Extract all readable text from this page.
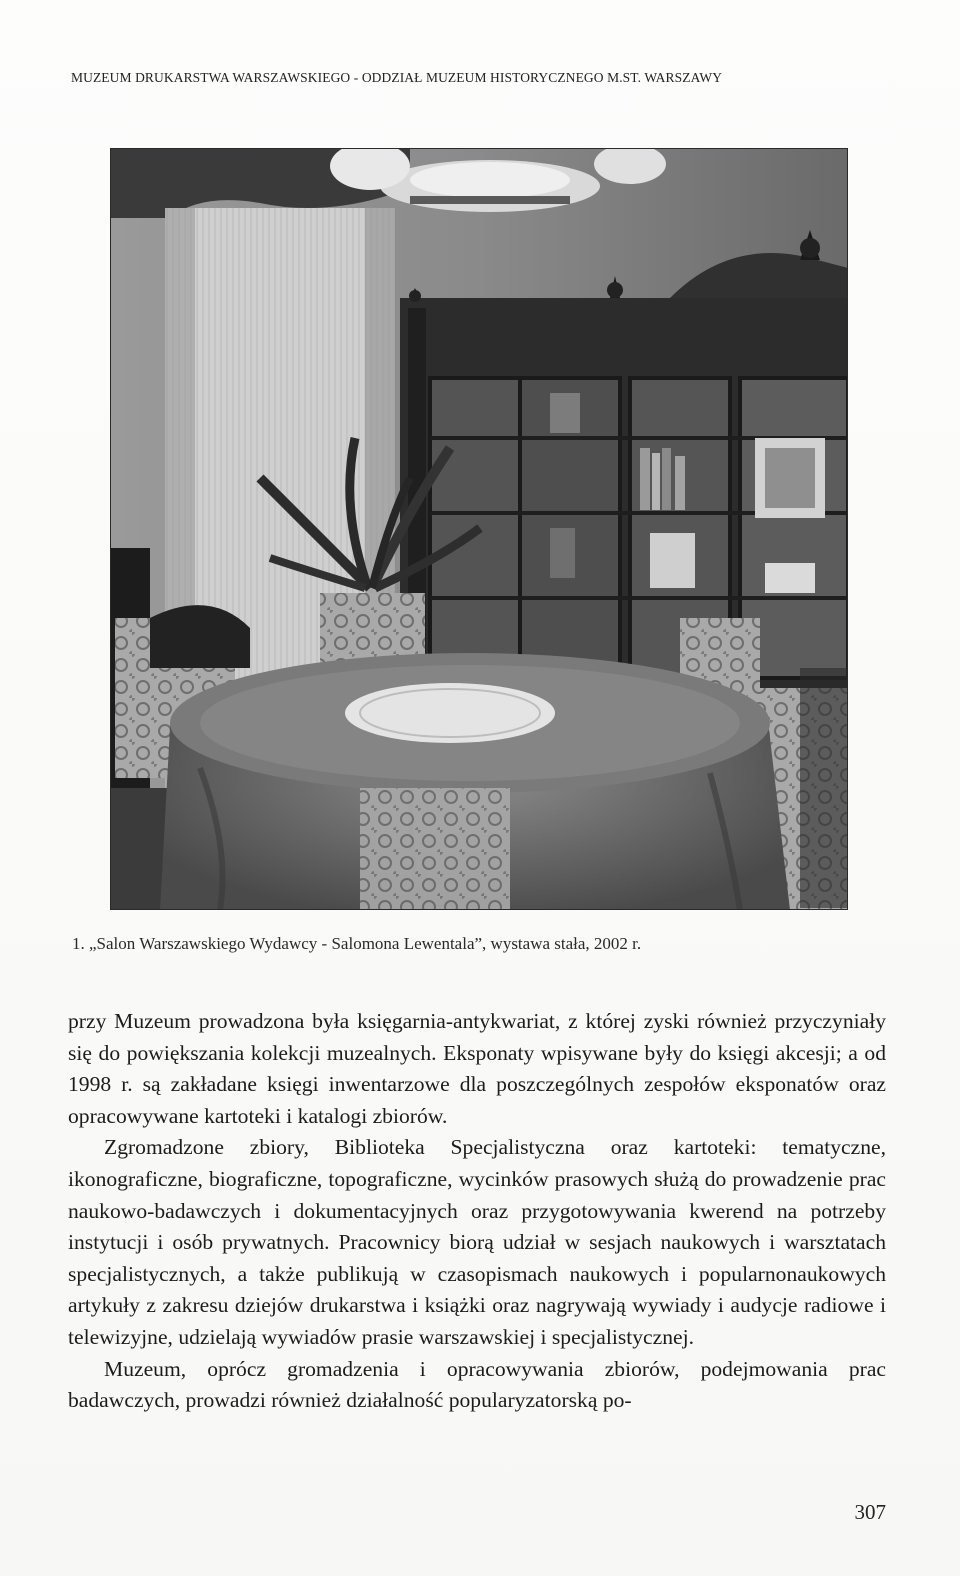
MUZEUM DRUKARSTWA WARSZAWSKIEGO - ODDZIAŁ MUZEUM HISTORYCZNEGO M.ST. WARSZAWY
1. „Salon Warszawskiego Wydawcy - Salomona Lewentala”, wystawa stała, 2002 r.

przy Muzeum prowadzona była księgarnia-antykwariat, z której zyski również przyczyniały się do powiększania kolekcji muzealnych. Eksponaty wpisywane były do księgi akcesji; a od 1998 r. są zakładane księgi inwentarzowe dla poszczególnych zespołów eksponatów oraz opracowywane kartoteki i katalogi zbiorów.

Zgromadzone zbiory, Biblioteka Specjalistyczna oraz kartoteki: tematyczne, ikonograficzne, biograficzne, topograficzne, wycinków prasowych służą do prowadzenie prac naukowo-badawczych i dokumentacyjnych oraz przygotowywania kwerend na potrzeby instytucji i osób prywatnych. Pracownicy biorą udział w sesjach naukowych i warsztatach specjalistycznych, a także publikują w czasopismach naukowych i popularnonaukowych artykuły z zakresu dziejów drukarstwa i książki oraz nagrywają wywiady i audycje radiowe i telewizyjne, udzielają wywiadów prasie warszawskiej i specjalistycznej.

Muzeum, oprócz gromadzenia i opracowywania zbiorów, podejmowania prac badawczych, prowadzi również działalność popularyzatorską po-

307
